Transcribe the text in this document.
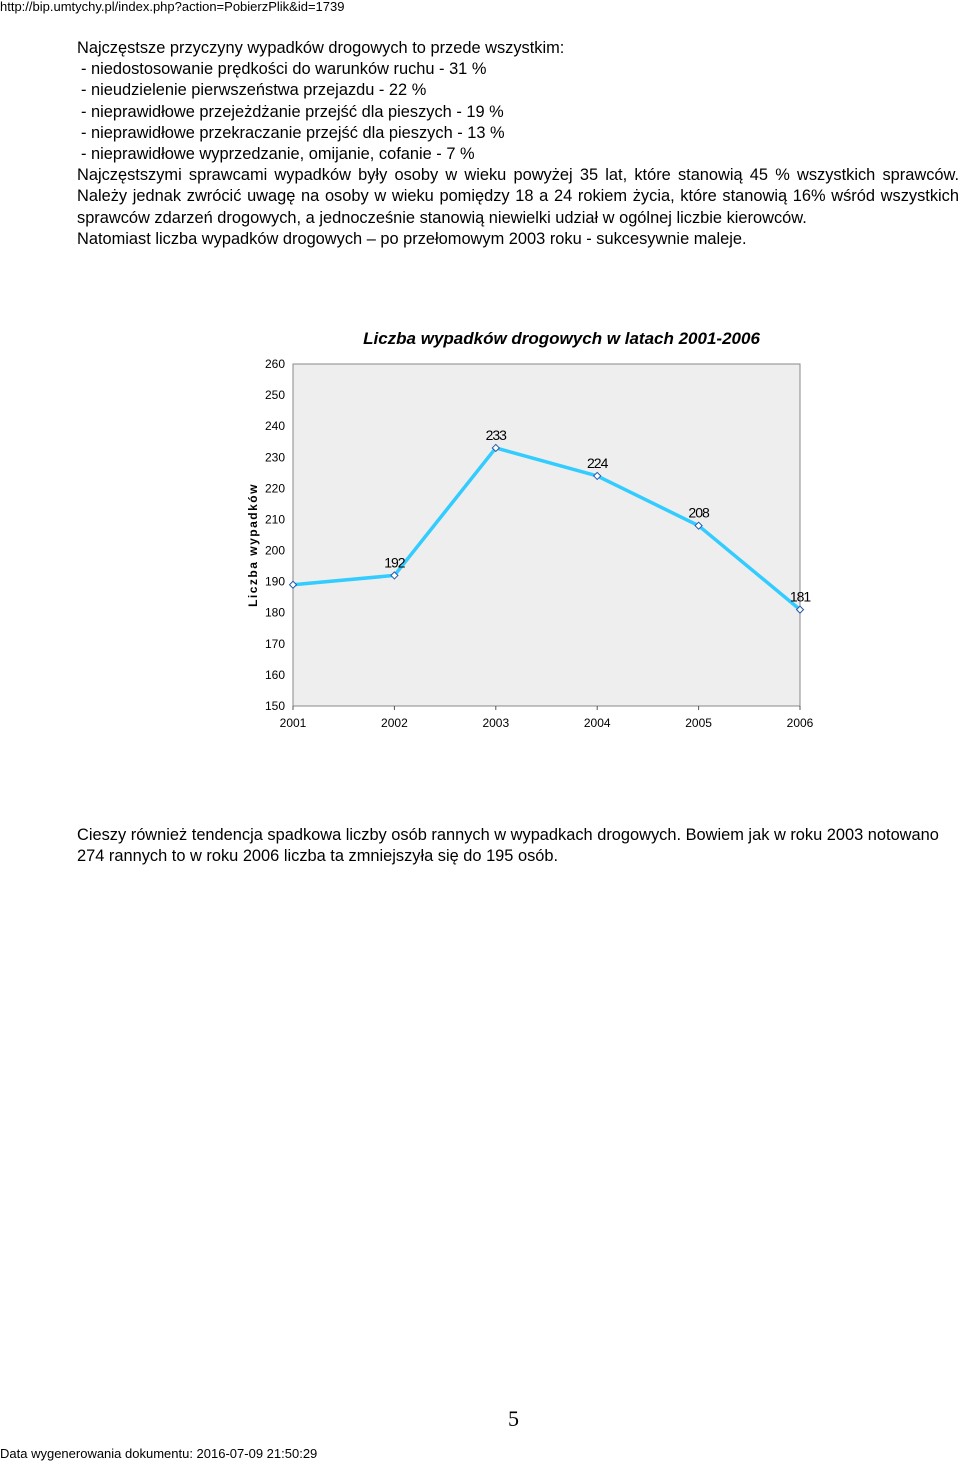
http://bip.umtychy.pl/index.php?action=PobierzPlik&id=1739

Najczęstsze przyczyny wypadków drogowych to przede wszystkim:

- niedostosowanie prędkości do warunków ruchu - 31 %
- nieudzielenie pierwszeństwa przejazdu - 22 %
- nieprawidłowe przejeżdżanie przejść dla pieszych - 19 %
- nieprawidłowe przekraczanie przejść dla pieszych - 13 %
- nieprawidłowe wyprzedzanie, omijanie, cofanie - 7 %

Najczęstszymi sprawcami wypadków były osoby w wieku powyżej 35 lat, które stanowią 45 % wszystkich sprawców. Należy jednak zwrócić uwagę na osoby w wieku pomiędzy 18 a 24 rokiem życia, które stanowią 16% wśród wszystkich sprawców zdarzeń drogowych, a jednocześnie stanowią niewielki udział w ogólnej liczbie kierowców.

Natomiast liczba wypadków drogowych – po przełomowym 2003 roku - sukcesywnie maleje.

Liczba wypadków drogowych w latach 2001-2006
150
160
170
180
190
200
210
220
230
240
250
260
Liczba wypadków
2001	2002	2003	2004	2005	2006
192
233
224
208
181

Cieszy również tendencja spadkowa liczby osób rannych w wypadkach drogowych. Bowiem jak w roku 2003 notowano 274 rannych to w roku 2006 liczba ta zmniejszyła się do 195 osób.

5
Data wygenerowania dokumentu: 2016-07-09 21:50:29
